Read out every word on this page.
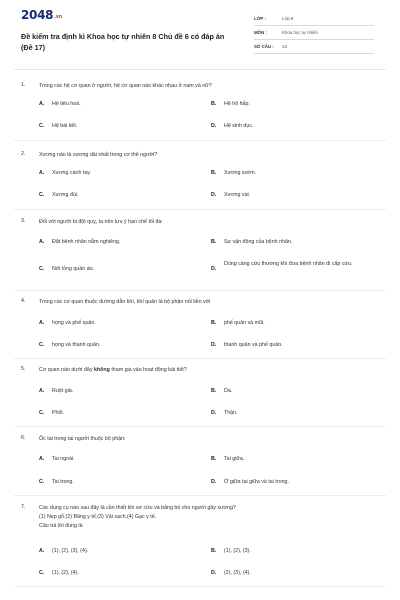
2048.vn
Đề kiểm tra định kì Khoa học tự nhiên 8 Chủ đề 6 có đáp án (Đề 17)
LỚP :	Lớp 8
MÔN :	Khoa học tự nhiên
SỐ CÂU : 13
1.	Trong các hệ cơ quan ở người, hệ cơ quan nào khác nhau ở nam và nữ?
A. Hệ tiêu hoá.	B. Hệ hô hấp.
C. Hệ bài tiết.	D. Hệ sinh dục.
2.	Xương nào là xương dài nhất trong cơ thể người?
A. Xương cánh tay.	B. Xương sườn.
C. Xương đùi.	D. Xương vai.
3.	Đối với người bị đột quỵ, ta nên lưu ý hạn chế tối đa:
A. Đặt bệnh nhân nằm nghiêng.	B. Sự vận động của bệnh nhân.
C. Nới lỏng quần áo.	D.
Dùng cáng cứu thương khi đưa bệnh nhân đi cấp cứu.
4.	Trong các cơ quan thuộc đường dẫn khí, khí quản là bộ phận nối liền với
A. họng và phế quản.	B. phế quản và mũi.
C. họng và thanh quản.	D. thanh quản và phế quản.
5.	Cơ quan nào dưới đây không tham gia vào hoạt động bài tiết?
A. Ruột già.	B. Da.
C. Phổi.	D. Thận.
6.	Ốc tai trong tai người thuộc bộ phận:
A. Tai ngoài.	B. Tai giữa.
C. Tai trong.	D. Ở giữa tai giữa và tai trong.
7.	Các dụng cụ nào sau đây là cần thiết khi sơ cứu và băng bó cho người gãy xương?
(1) Nẹp gỗ.(2) Băng y tế.(3) Vải sạch.(4) Gạc y tế.
Câu trả lời đúng là
A. (1), (2), (3), (4).	B. (1), (2), (3).
C. (1), (2), (4).	D. (2), (3), (4).
